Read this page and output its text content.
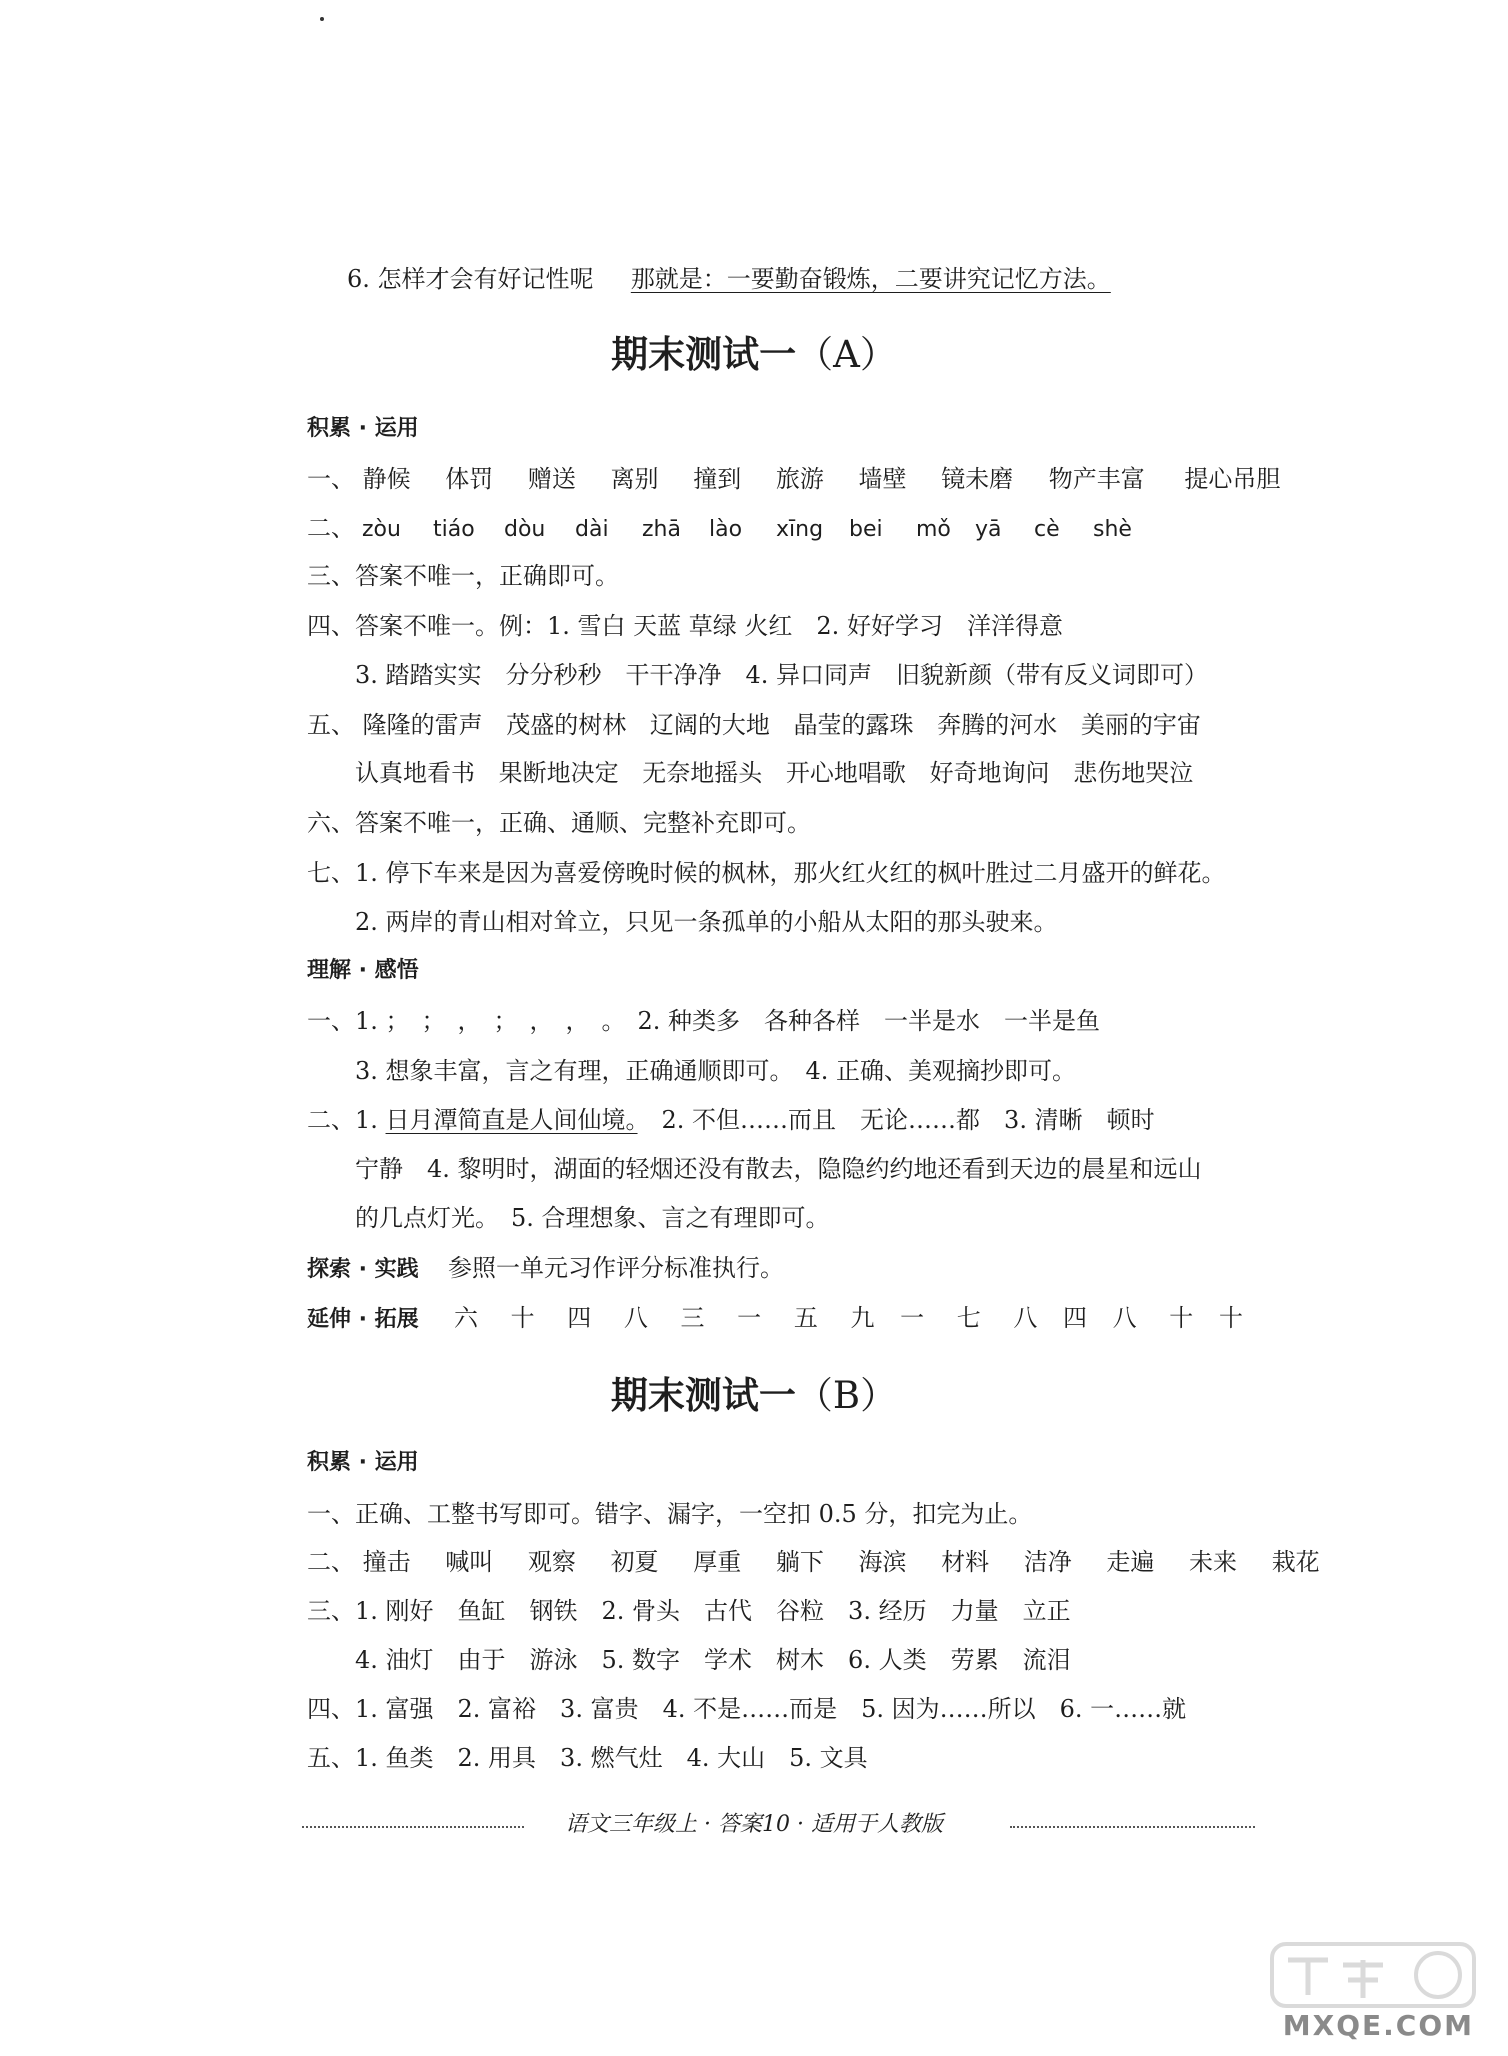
6. 怎样才会有好记性呢 那就是：一要勤奋锻炼，二要讲究记忆方法。
期末测试一（A）
积累 · 运用
一、 静候 体罚 赠送 离别 撞到 旅游 墙壁 镜未磨 物产丰富 提心吊胆
二、 zòu tiáo dòu dài zhā lào xīng bei mǒ yā cè shè
三、答案不唯一，正确即可。
四、答案不唯一。例：1. 雪白 天蓝 草绿 火红　2. 好好学习　洋洋得意
3. 踏踏实实　分分秒秒　干干净净　4. 异口同声　旧貌新颜（带有反义词即可）
五、 隆隆的雷声 茂盛的树林 辽阔的大地 晶莹的露珠 奔腾的河水 美丽的宇宙
认真地看书 果断地决定 无奈地摇头 开心地唱歌 好奇地询问 悲伤地哭泣
六、答案不唯一，正确、通顺、完整补充即可。
七、1. 停下车来是因为喜爱傍晚时候的枫林，那火红火红的枫叶胜过二月盛开的鲜花。
2. 两岸的青山相对耸立，只见一条孤单的小船从太阳的那头驶来。
理解 · 感悟
一、1. ；　；　，　；　，　，　。　2. 种类多　各种各样　一半是水　一半是鱼
3. 想象丰富，言之有理，正确通顺即可。　4. 正确、美观摘抄即可。
二、1. 日月潭简直是人间仙境。　2. 不但……而且　无论……都　3. 清晰　顿时
宁静　4. 黎明时，湖面的轻烟还没有散去，隐隐约约地还看到天边的晨星和远山
的几点灯光。　5. 合理想象、言之有理即可。
探索 · 实践 参照一单元习作评分标准执行。
延伸 · 拓展 六 十 四 八 三 一 五 九 一 七 八 四 八 十 十
期末测试一（B）
积累 · 运用
一、正确、工整书写即可。错字、漏字，一空扣 0.5 分，扣完为止。
二、 撞击 喊叫 观察 初夏 厚重 躺下 海滨 材料 洁净 走遍 未来 栽花
三、1. 刚好　鱼缸　钢铁　2. 骨头　古代　谷粒　3. 经历　力量　立正
4. 油灯　由于　游泳　5. 数字　学术　树木　6. 人类　劳累　流泪
四、1. 富强　2. 富裕　3. 富贵　4. 不是……而是　5. 因为……所以　6. 一……就
五、1. 鱼类　2. 用具　3. 燃气灶　4. 大山　5. 文具
语文三年级上 · 答案10 · 适用于人教版
MXQE.COM
